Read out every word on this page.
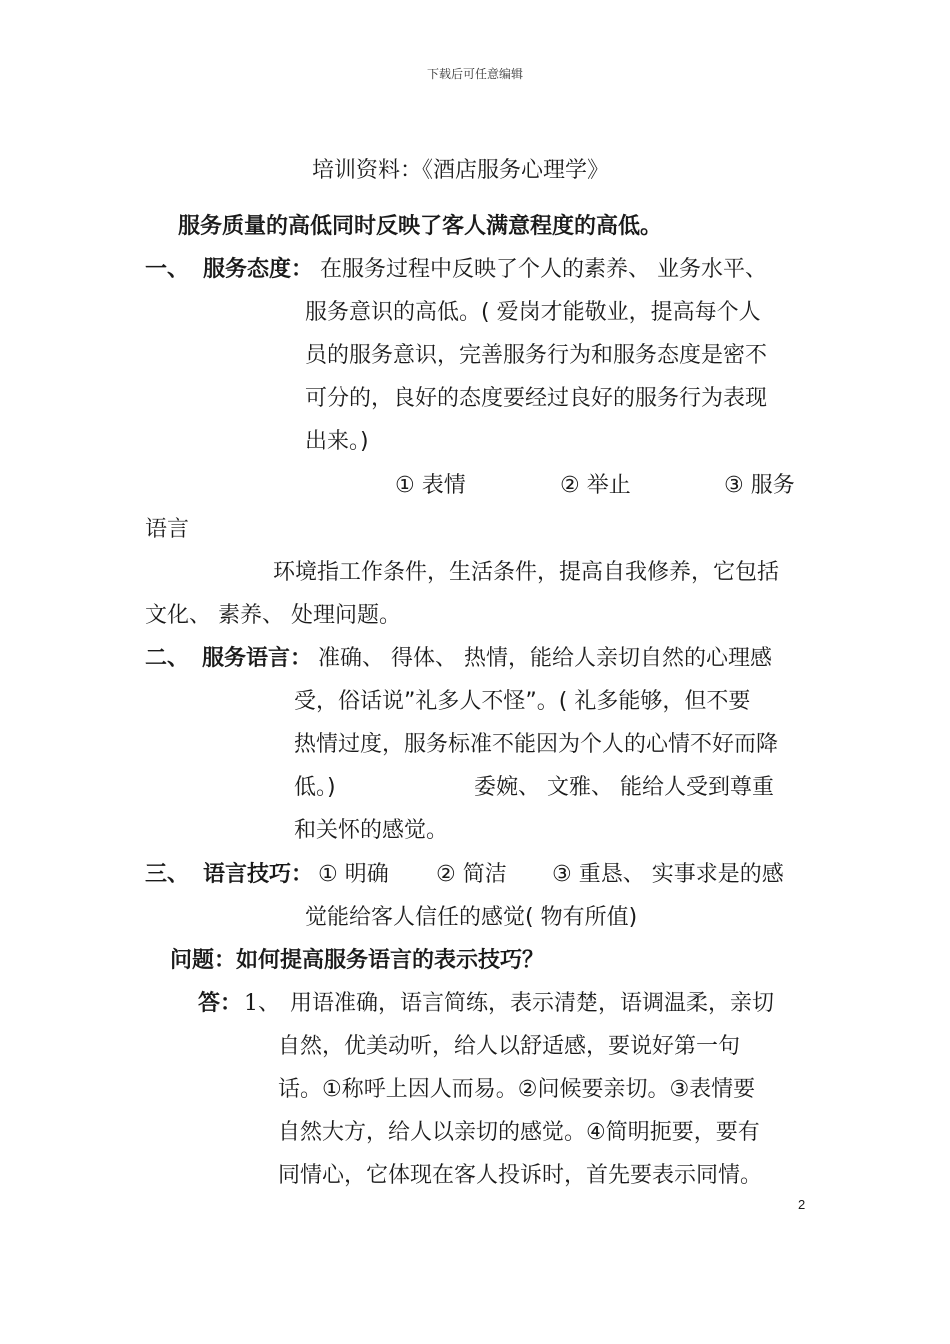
下载后可任意编辑
培训资料：《酒店服务心理学》
服务质量的高低同时反映了客人满意程度的高低。
一、 服务态度： 在服务过程中反映了个人的素养、 业务水平、
服务意识的高低。( 爱岗才能敬业，提高每个人
员的服务意识，完善服务行为和服务态度是密不
可分的，良好的态度要经过良好的服务行为表现
出来。)
① 表情	② 举止	③ 服务
语言
环境指工作条件，生活条件，提高自我修养，它包括
文化、 素养、 处理问题。
二、 服务语言： 准确、 得体、 热情，能给人亲切自然的心理感
受，俗话说”礼多人不怪”。( 礼多能够，但不要
热情过度，服务标准不能因为个人的心情不好而降
低。)	委婉、 文雅、 能给人受到尊重
和关怀的感觉。
三、 语言技巧： ① 明确 ② 简洁 ③ 重恳、 实事求是的感
觉能给客人信任的感觉( 物有所值)
问题：如何提高服务语言的表示技巧？
答： 1、 用语准确，语言简练，表示清楚，语调温柔，亲切
自然，优美动听，给人以舒适感，要说好第一句
话。①称呼上因人而易。②问候要亲切。③表情要
自然大方，给人以亲切的感觉。④简明扼要，要有
同情心，它体现在客人投诉时，首先要表示同情。
2
